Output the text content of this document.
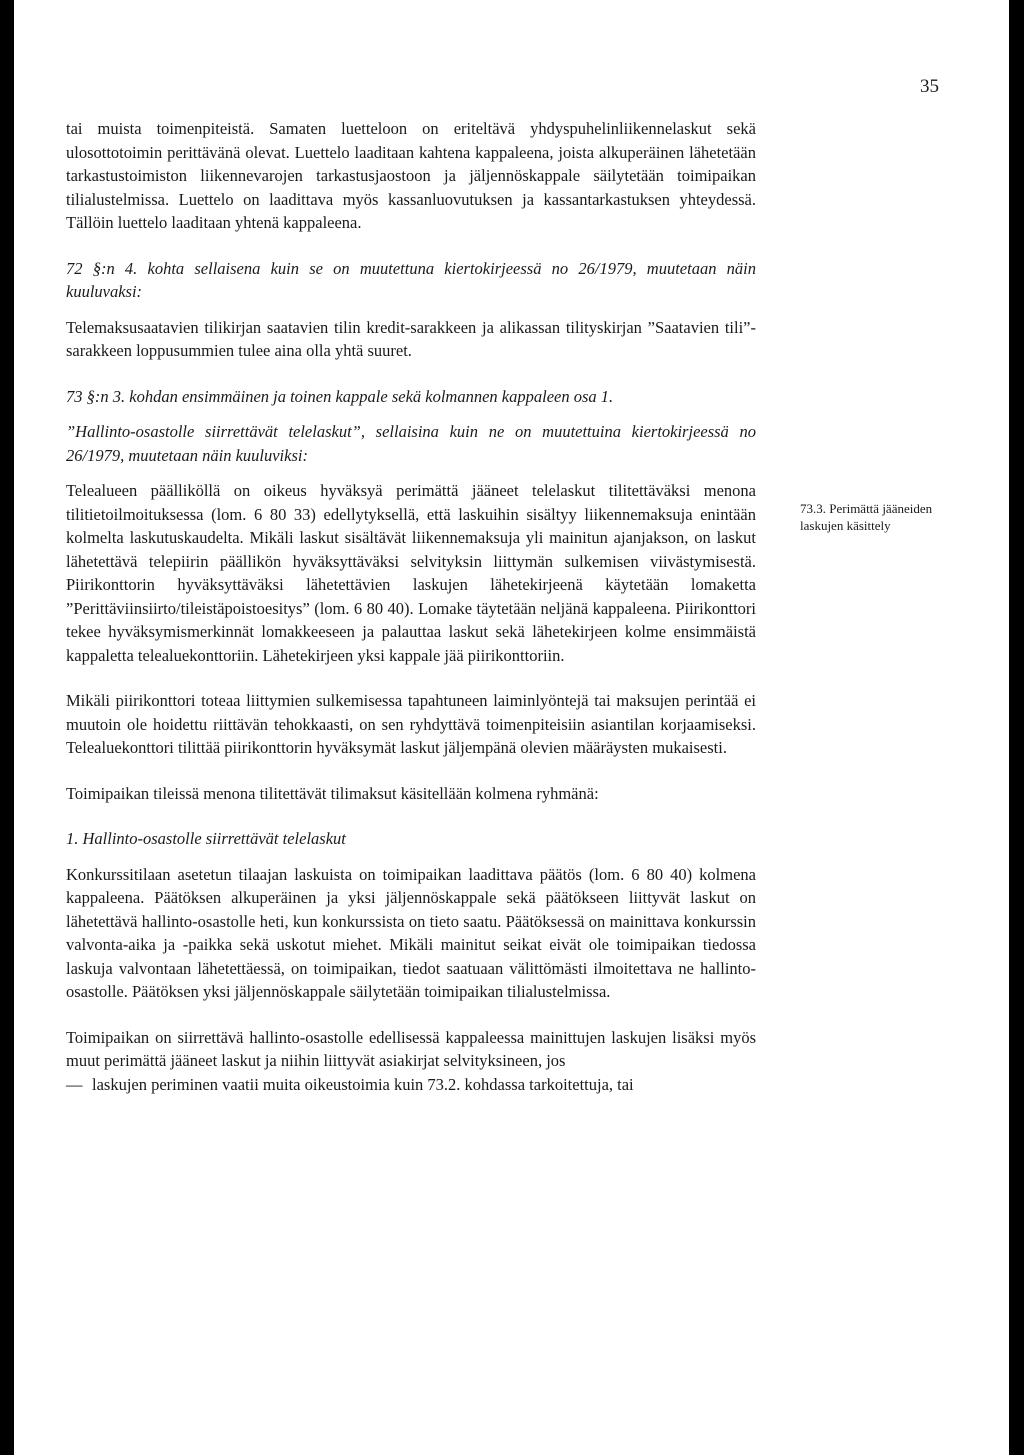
35

tai muista toimenpiteistä. Samaten luetteloon on eriteltävä yhdyspuhelinliikennelaskut sekä ulosottotoimin perittävänä olevat. Luettelo laaditaan kahtena kappaleena, joista alkuperäinen lähetetään tarkastustoimiston liikennevarojen tarkastusjaostoon ja jäljennöskappale säilytetään toimipaikan tilialustelmissa. Luettelo on laadittava myös kassanluovutuksen ja kassantarkastuksen yhteydessä. Tällöin luettelo laaditaan yhtenä kappaleena.

72 §:n 4. kohta sellaisena kuin se on muutettuna kiertokirjeessä no 26/1979, muutetaan näin kuuluvaksi:

Telemaksusaatavien tilikirjan saatavien tilin kredit-sarakkeen ja alikassan tilityskirjan ”Saatavien tili”-sarakkeen loppusummien tulee aina olla yhtä suuret.

73 §:n 3. kohdan ensimmäinen ja toinen kappale sekä kolmannen kappaleen osa 1.

”Hallinto-osastolle siirrettävät telelaskut”, sellaisina kuin ne on muutettuina kiertokirjeessä no 26/1979, muutetaan näin kuuluviksi:

Telealueen päälliköllä on oikeus hyväksyä perimättä jääneet telelaskut tilitettäväksi menona tilitietoilmoituksessa (lom. 6 80 33) edellytyksellä, että laskuihin sisältyy liikennemaksuja enintään kolmelta laskutuskaudelta. Mikäli laskut sisältävät liikennemaksuja yli mainitun ajanjakson, on laskut lähetettävä telepiirin päällikön hyväksyttäväksi selvityksin liittymän sulkemisen viivästymisestä. Piirikonttorin hyväksyttäväksi lähetettävien laskujen lähetekirjeenä käytetään lomaketta ”Perittäviinsiirto/tileistäpoistoesitys” (lom. 6 80 40). Lomake täytetään neljänä kappaleena. Piirikonttori tekee hyväksymismerkinnät lomakkeeseen ja palauttaa laskut sekä lähetekirjeen kolme ensimmäistä kappaletta telealuekonttoriin. Lähetekirjeen yksi kappale jää piirikonttoriin.

Mikäli piirikonttori toteaa liittymien sulkemisessa tapahtuneen laiminlyöntejä tai maksujen perintää ei muutoin ole hoidettu riittävän tehokkaasti, on sen ryhdyttävä toimenpiteisiin asiantilan korjaamiseksi. Telealuekonttori tilittää piirikonttorin hyväksymät laskut jäljempänä olevien määräysten mukaisesti.

Toimipaikan tileissä menona tilitettävät tilimaksut käsitellään kolmena ryhmänä:

1. Hallinto-osastolle siirrettävät telelaskut

Konkurssitilaan asetetun tilaajan laskuista on toimipaikan laadittava päätös (lom. 6 80 40) kolmena kappaleena. Päätöksen alkuperäinen ja yksi jäljennöskappale sekä päätökseen liittyvät laskut on lähetettävä hallinto-osastolle heti, kun konkurssista on tieto saatu. Päätöksessä on mainittava konkurssin valvonta-aika ja -paikka sekä uskotut miehet. Mikäli mainitut seikat eivät ole toimipaikan tiedossa laskuja valvontaan lähetettäessä, on toimipaikan, tiedot saatuaan välittömästi ilmoitettava ne hallinto-osastolle. Päätöksen yksi jäljennöskappale säilytetään toimipaikan tilialustelmissa.

Toimipaikan on siirrettävä hallinto-osastolle edellisessä kappaleessa mainittujen laskujen lisäksi myös muut perimättä jääneet laskut ja niihin liittyvät asiakirjat selvityksineen, jos

— laskujen periminen vaatii muita oikeustoimia kuin 73.2. kohdassa tarkoitettuja, tai
73.3. Perimättä jääneiden laskujen käsittely
